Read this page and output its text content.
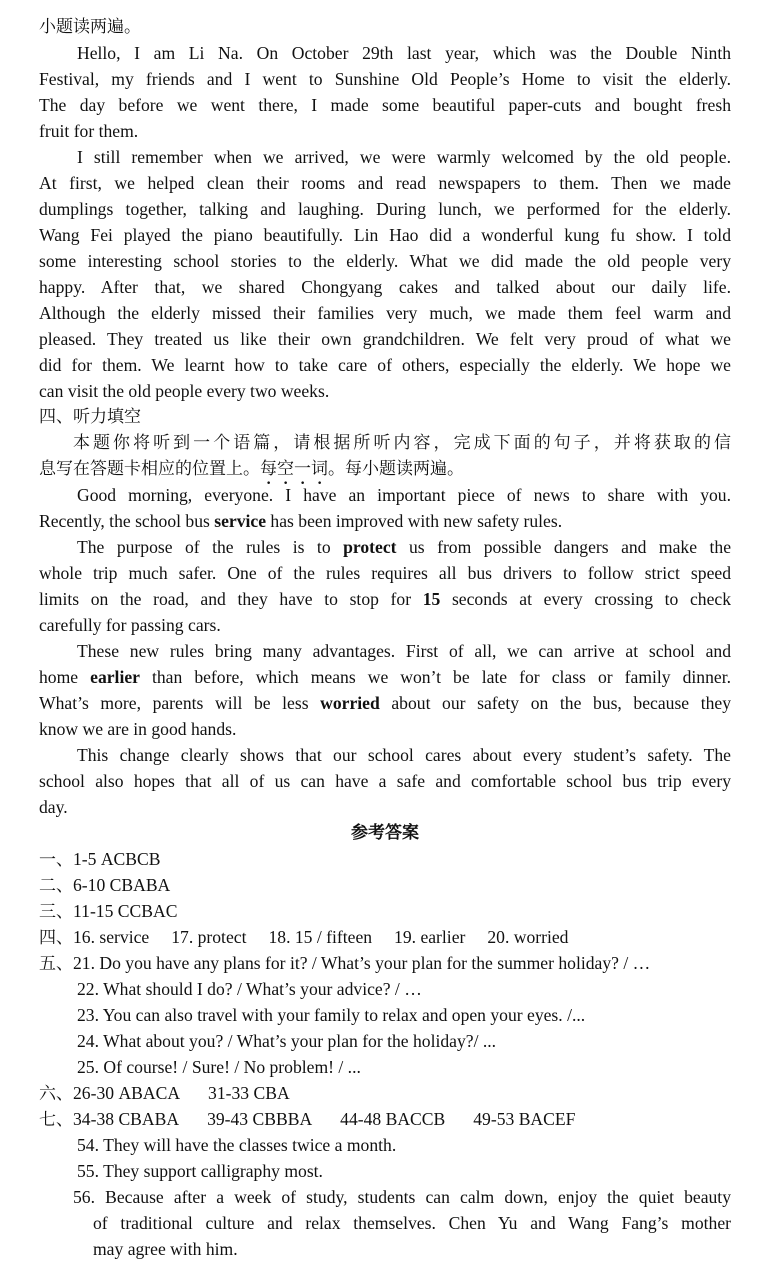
小题读两遍。
Hello, I am Li Na. On October 29th last year, which was the Double Ninth
Festival, my friends and I went to Sunshine Old People’s Home to visit the elderly.
The day before we went there, I made some beautiful paper-cuts and bought fresh
fruit for them.
I still remember when we arrived, we were warmly welcomed by the old people.
At first, we helped clean their rooms and read newspapers to them. Then we made
dumplings together, talking and laughing. During lunch, we performed for the elderly.
Wang Fei played the piano beautifully. Lin Hao did a wonderful kung fu show. I told
some interesting school stories to the elderly. What we did made the old people very
happy. After that, we shared Chongyang cakes and talked about our daily life.
Although the elderly missed their families very much, we made them feel warm and
pleased. They treated us like their own grandchildren. We felt very proud of what we
did for them. We learnt how to take care of others, especially the elderly. We hope we
can visit the old people every two weeks.
四、听力填空
本题你将听到一个语篇，请根据所听内容，完成下面的句子，并将获取的信
息写在答题卡相应的位置上。每空一词。每小题读两遍。
Good morning, everyone. I have an important piece of news to share with you.
Recently, the school bus service has been improved with new safety rules.
The purpose of the rules is to protect us from possible dangers and make the
whole trip much safer. One of the rules requires all bus drivers to follow strict speed
limits on the road, and they have to stop for 15 seconds at every crossing to check
carefully for passing cars.
These new rules bring many advantages. First of all, we can arrive at school and
home earlier than before, which means we won’t be late for class or family dinner.
What’s more, parents will be less worried about our safety on the bus, because they
know we are in good hands.
This change clearly shows that our school cares about every student’s safety. The
school also hopes that all of us can have a safe and comfortable school bus trip every
day.
参考答案
一、1-5 ACBCB
二、6-10 CBABA
三、11-15 CCBAC
四、16. service 17. protect 18. 15 / fifteen 19. earlier 20. worried
五、21. Do you have any plans for it? / What’s your plan for the summer holiday? / …
22. What should I do? / What’s your advice? / …
23. You can also travel with your family to relax and open your eyes. /...
24. What about you? / What’s your plan for the holiday?/ ...
25. Of course! / Sure! / No problem! / ...
六、26-30 ABACA 31-33 CBA
七、34-38 CBABA 39-43 CBBBA 44-48 BACCB 49-53 BACEF
54. They will have the classes twice a month.
55. They support calligraphy most.
56. Because after a week of study, students can calm down, enjoy the quiet beauty
of traditional culture and relax themselves. Chen Yu and Wang Fang’s mother
may agree with him.
